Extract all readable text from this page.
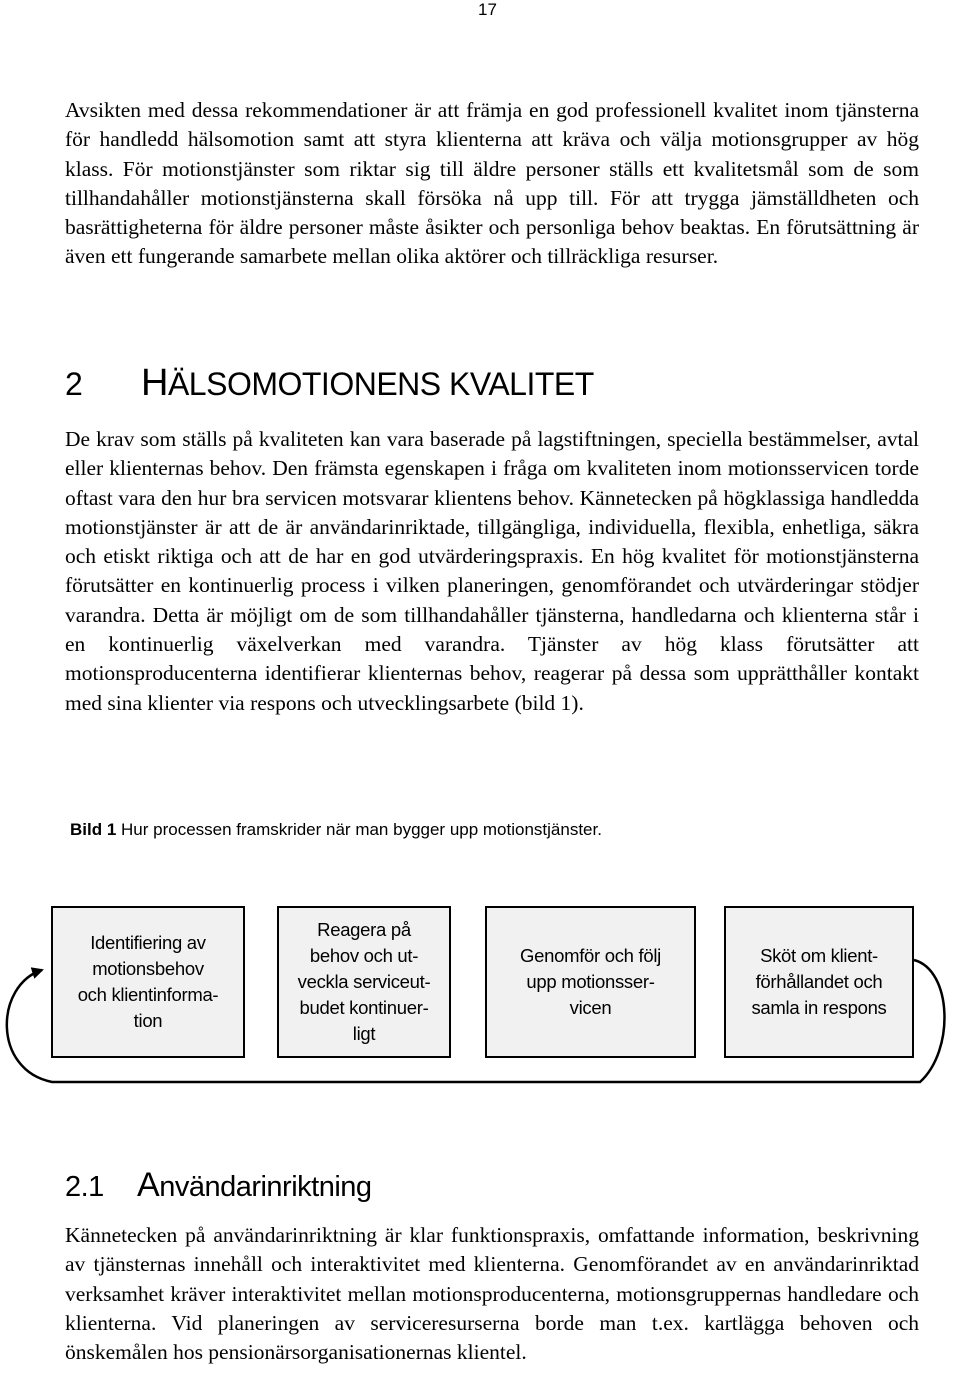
17

Avsikten med dessa rekommendationer är att främja en god professionell kvalitet inom tjänsterna för handledd hälsomotion samt att styra klienterna att kräva och välja motionsgrupper av hög klass. För motionstjänster som riktar sig till äldre personer ställs ett kvalitetsmål som de som tillhandahåller motionstjänsterna skall försöka nå upp till. För att trygga jämställdheten och basrättigheterna för äldre personer måste åsikter och personliga behov beaktas. En förutsättning är även ett fungerande samarbete mellan olika aktörer och tillräckliga resurser.

2 HÄLSOMOTIONENS KVALITET

De krav som ställs på kvaliteten kan vara baserade på lagstiftningen, speciella bestämmelser, avtal eller klienternas behov. Den främsta egenskapen i fråga om kvaliteten inom motionsservicen torde oftast vara den hur bra servicen motsvarar klientens behov. Kännetecken på högklassiga handledda motionstjänster är att de är användarinriktade, tillgängliga, individuella, flexibla, enhetliga, säkra och etiskt riktiga och att de har en god utvärderingspraxis. En hög kvalitet för motionstjänsterna förutsätter en kontinuerlig process i vilken planeringen, genomförandet och utvärderingar stödjer varandra. Detta är möjligt om de som tillhandahåller tjänsterna, handledarna och klienterna står i en kontinuerlig växelverkan med varandra. Tjänster av hög klass förutsätter att motionsproducenterna identifierar klienternas behov, reagerar på dessa som upprätthåller kontakt med sina klienter via respons och utvecklingsarbete (bild 1).

Bild 1 Hur processen framskrider när man bygger upp motionstjänster.
Identifiering av
motionsbehov
och klientinforma-
tion
Reagera på
behov och ut-
veckla serviceut-
budet kontinuer-
ligt
Genomför och följ
upp motionsser-
vicen
Sköt om klient-
förhållandet och
samla in respons
2.1 Användarinriktning

Kännetecken på användarinriktning är klar funktionspraxis, omfattande information, beskrivning av tjänsternas innehåll och interaktivitet med klienterna. Genomförandet av en användarinriktad verksamhet kräver interaktivitet mellan motionsproducenterna, motionsgruppernas handledare och klienterna. Vid planeringen av serviceresurserna borde man t.ex. kartlägga behoven och önskemålen hos pensionärsorganisationernas klientel.
